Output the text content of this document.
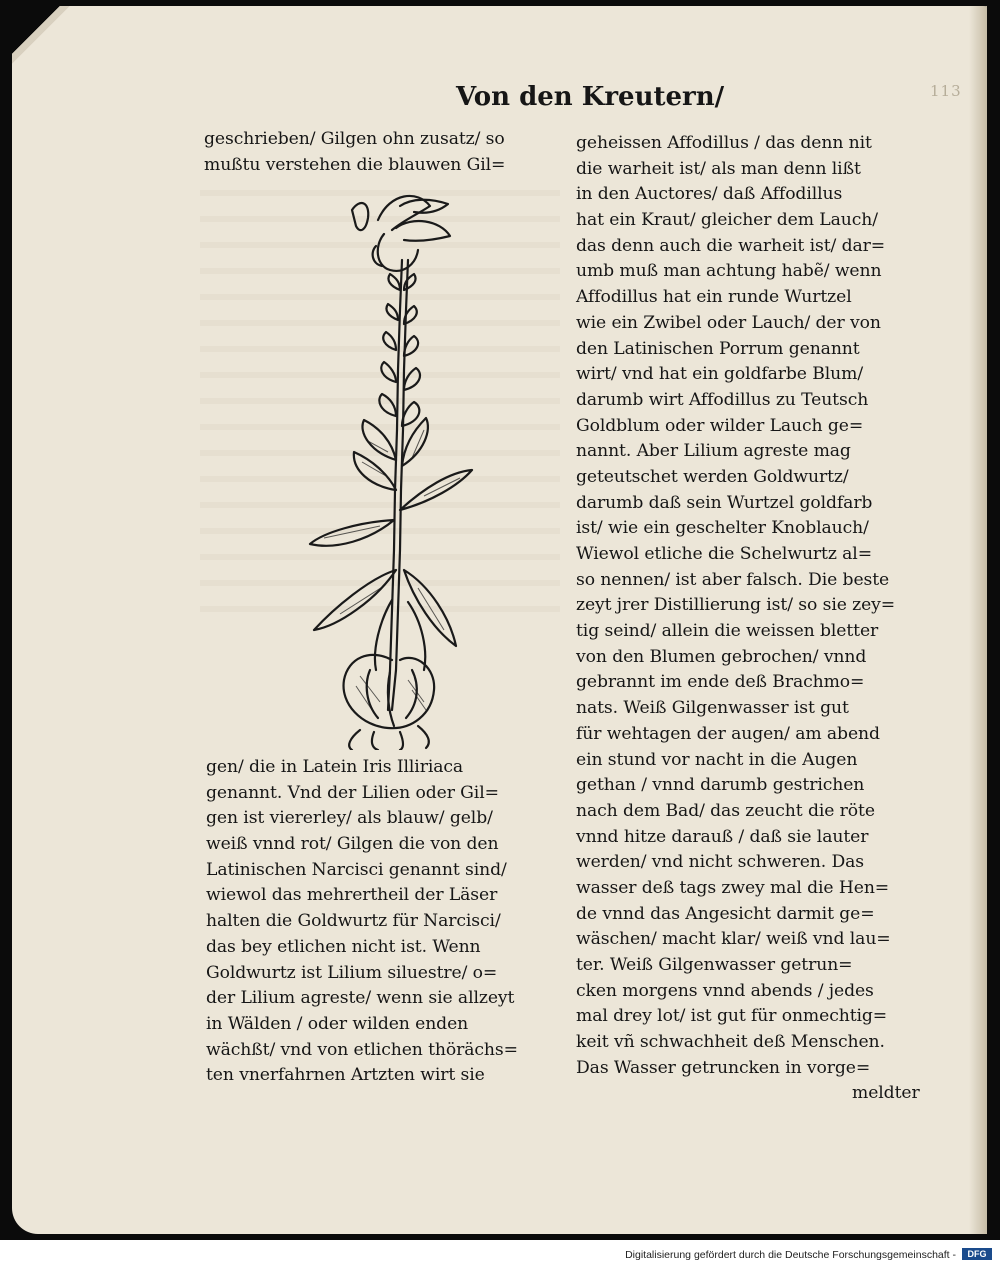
113
Von den Kreutern/
geschrieben/ Gilgen ohn zusatz/ so
mußtu verstehen die blauwen Gil=
gen/ die in Latein Iris Illiriaca
genannt. Vnd der Lilien oder Gil=
gen ist viererley/ als blauw/ gelb/
weiß vnnd rot/ Gilgen die von den
Latinischen Narcisci genannt sind/
wiewol das mehrertheil der Läser
halten die Goldwurtz für Narcisci/
das bey etlichen nicht ist. Wenn
Goldwurtz ist Lilium siluestre/ o=
der Lilium agreste/ wenn sie allzeyt
in Wälden / oder wilden enden
wächßt/ vnd von etlichen thörächs=
ten vnerfahrnen Artzten wirt sie
geheissen Affodillus / das denn nit
die warheit ist/ als man denn lißt
in den Auctores/ daß Affodillus
hat ein Kraut/ gleicher dem Lauch/
das denn auch die warheit ist/ dar=
umb muß man achtung habẽ/ wenn
Affodillus hat ein runde Wurtzel
wie ein Zwibel oder Lauch/ der von
den Latinischen Porrum genannt
wirt/ vnd hat ein goldfarbe Blum/
darumb wirt Affodillus zu Teutsch
Goldblum oder wilder Lauch ge=
nannt. Aber Lilium agreste mag
geteutschet werden Goldwurtz/
darumb daß sein Wurtzel goldfarb
ist/ wie ein geschelter Knoblauch/
Wiewol etliche die Schelwurtz al=
so nennen/ ist aber falsch. Die beste
zeyt jrer Distillierung ist/ so sie zey=
tig seind/ allein die weissen bletter
von den Blumen gebrochen/ vnnd
gebrannt im ende deß Brachmo=
nats. Weiß Gilgenwasser ist gut
für wehtagen der augen/ am abend
ein stund vor nacht in die Augen
gethan / vnnd darumb gestrichen
nach dem Bad/ das zeucht die röte
vnnd hitze darauß / daß sie lauter
werden/ vnd nicht schweren. Das
wasser deß tags zwey mal die Hen=
de vnnd das Angesicht darmit ge=
wäschen/ macht klar/ weiß vnd lau=
ter. Weiß Gilgenwasser getrun=
cken morgens vnnd abends / jedes
mal drey lot/ ist gut für onmechtig=
keit vñ schwachheit deß Menschen.
Das Wasser getruncken in vorge=
meldter
Digitalisierung gefördert durch die Deutsche Forschungsgemeinschaft -	DFG
